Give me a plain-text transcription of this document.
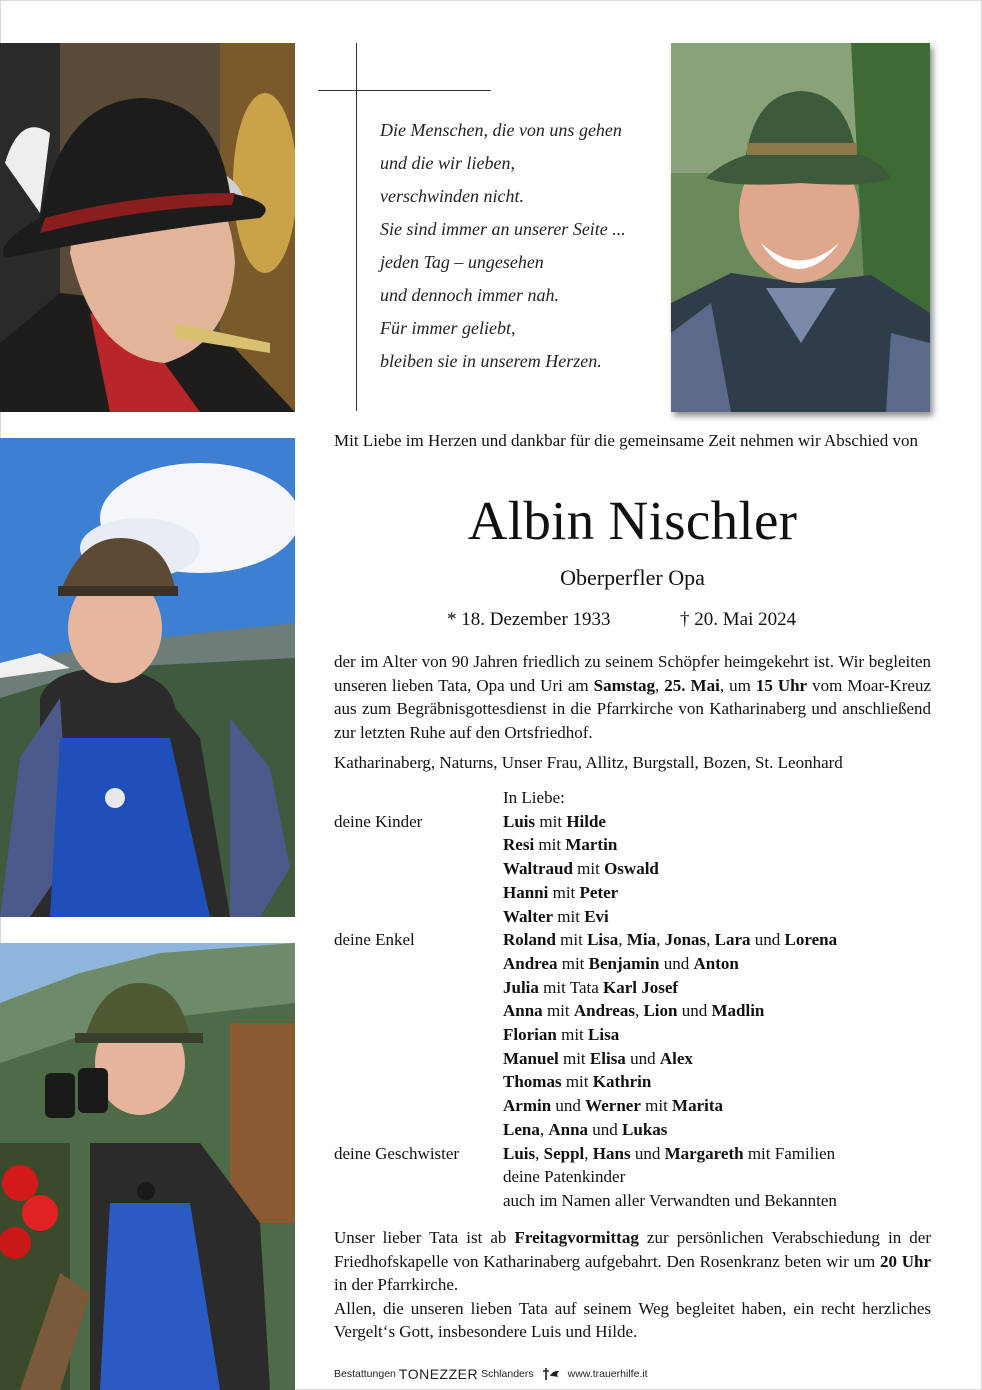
Die Menschen, die von uns gehen
und die wir lieben,
verschwinden nicht.
Sie sind immer an unserer Seite ...
jeden Tag – ungesehen
und dennoch immer nah.
Für immer geliebt,
bleiben sie in unserem Herzen.
Mit Liebe im Herzen und dankbar für die gemeinsame Zeit nehmen wir Abschied von
Albin Nischler
Oberperfler Opa
* 18. Dezember 1933	† 20. Mai 2024
der im Alter von 90 Jahren friedlich zu seinem Schöpfer heimgekehrt ist. Wir begleiten unseren lieben Tata, Opa und Uri am Samstag, 25. Mai, um 15 Uhr vom Moar-Kreuz aus zum Begräbnisgottesdienst in die Pfarrkirche von Katharinaberg und anschließend zur letzten Ruhe auf den Ortsfriedhof.
Katharinaberg, Naturns, Unser Frau, Allitz, Burgstall, Bozen, St. Leonhard
In Liebe:
deine Kinder	Luis mit Hilde
Resi mit Martin
Waltraud mit Oswald
Hanni mit Peter
Walter mit Evi
deine Enkel	Roland mit Lisa, Mia, Jonas, Lara und Lorena
Andrea mit Benjamin und Anton
Julia mit Tata Karl Josef
Anna mit Andreas, Lion und Madlin
Florian mit Lisa
Manuel mit Elisa und Alex
Thomas mit Kathrin
Armin und Werner mit Marita
Lena, Anna und Lukas
deine Geschwister	Luis, Seppl, Hans und Margareth mit Familien
deine Patenkinder
auch im Namen aller Verwandten und Bekannten
Unser lieber Tata ist ab Freitagvormittag zur persönlichen Verabschiedung in der Friedhofskapelle von Katharinaberg aufgebahrt. Den Rosenkranz beten wir um 20 Uhr in der Pfarrkirche.
Allen, die unseren lieben Tata auf seinem Weg begleitet haben, ein recht herzliches Vergelt‘s Gott, insbesondere Luis und Hilde.
Bestattungen TONEZZER Schlanders	www.trauerhilfe.it
